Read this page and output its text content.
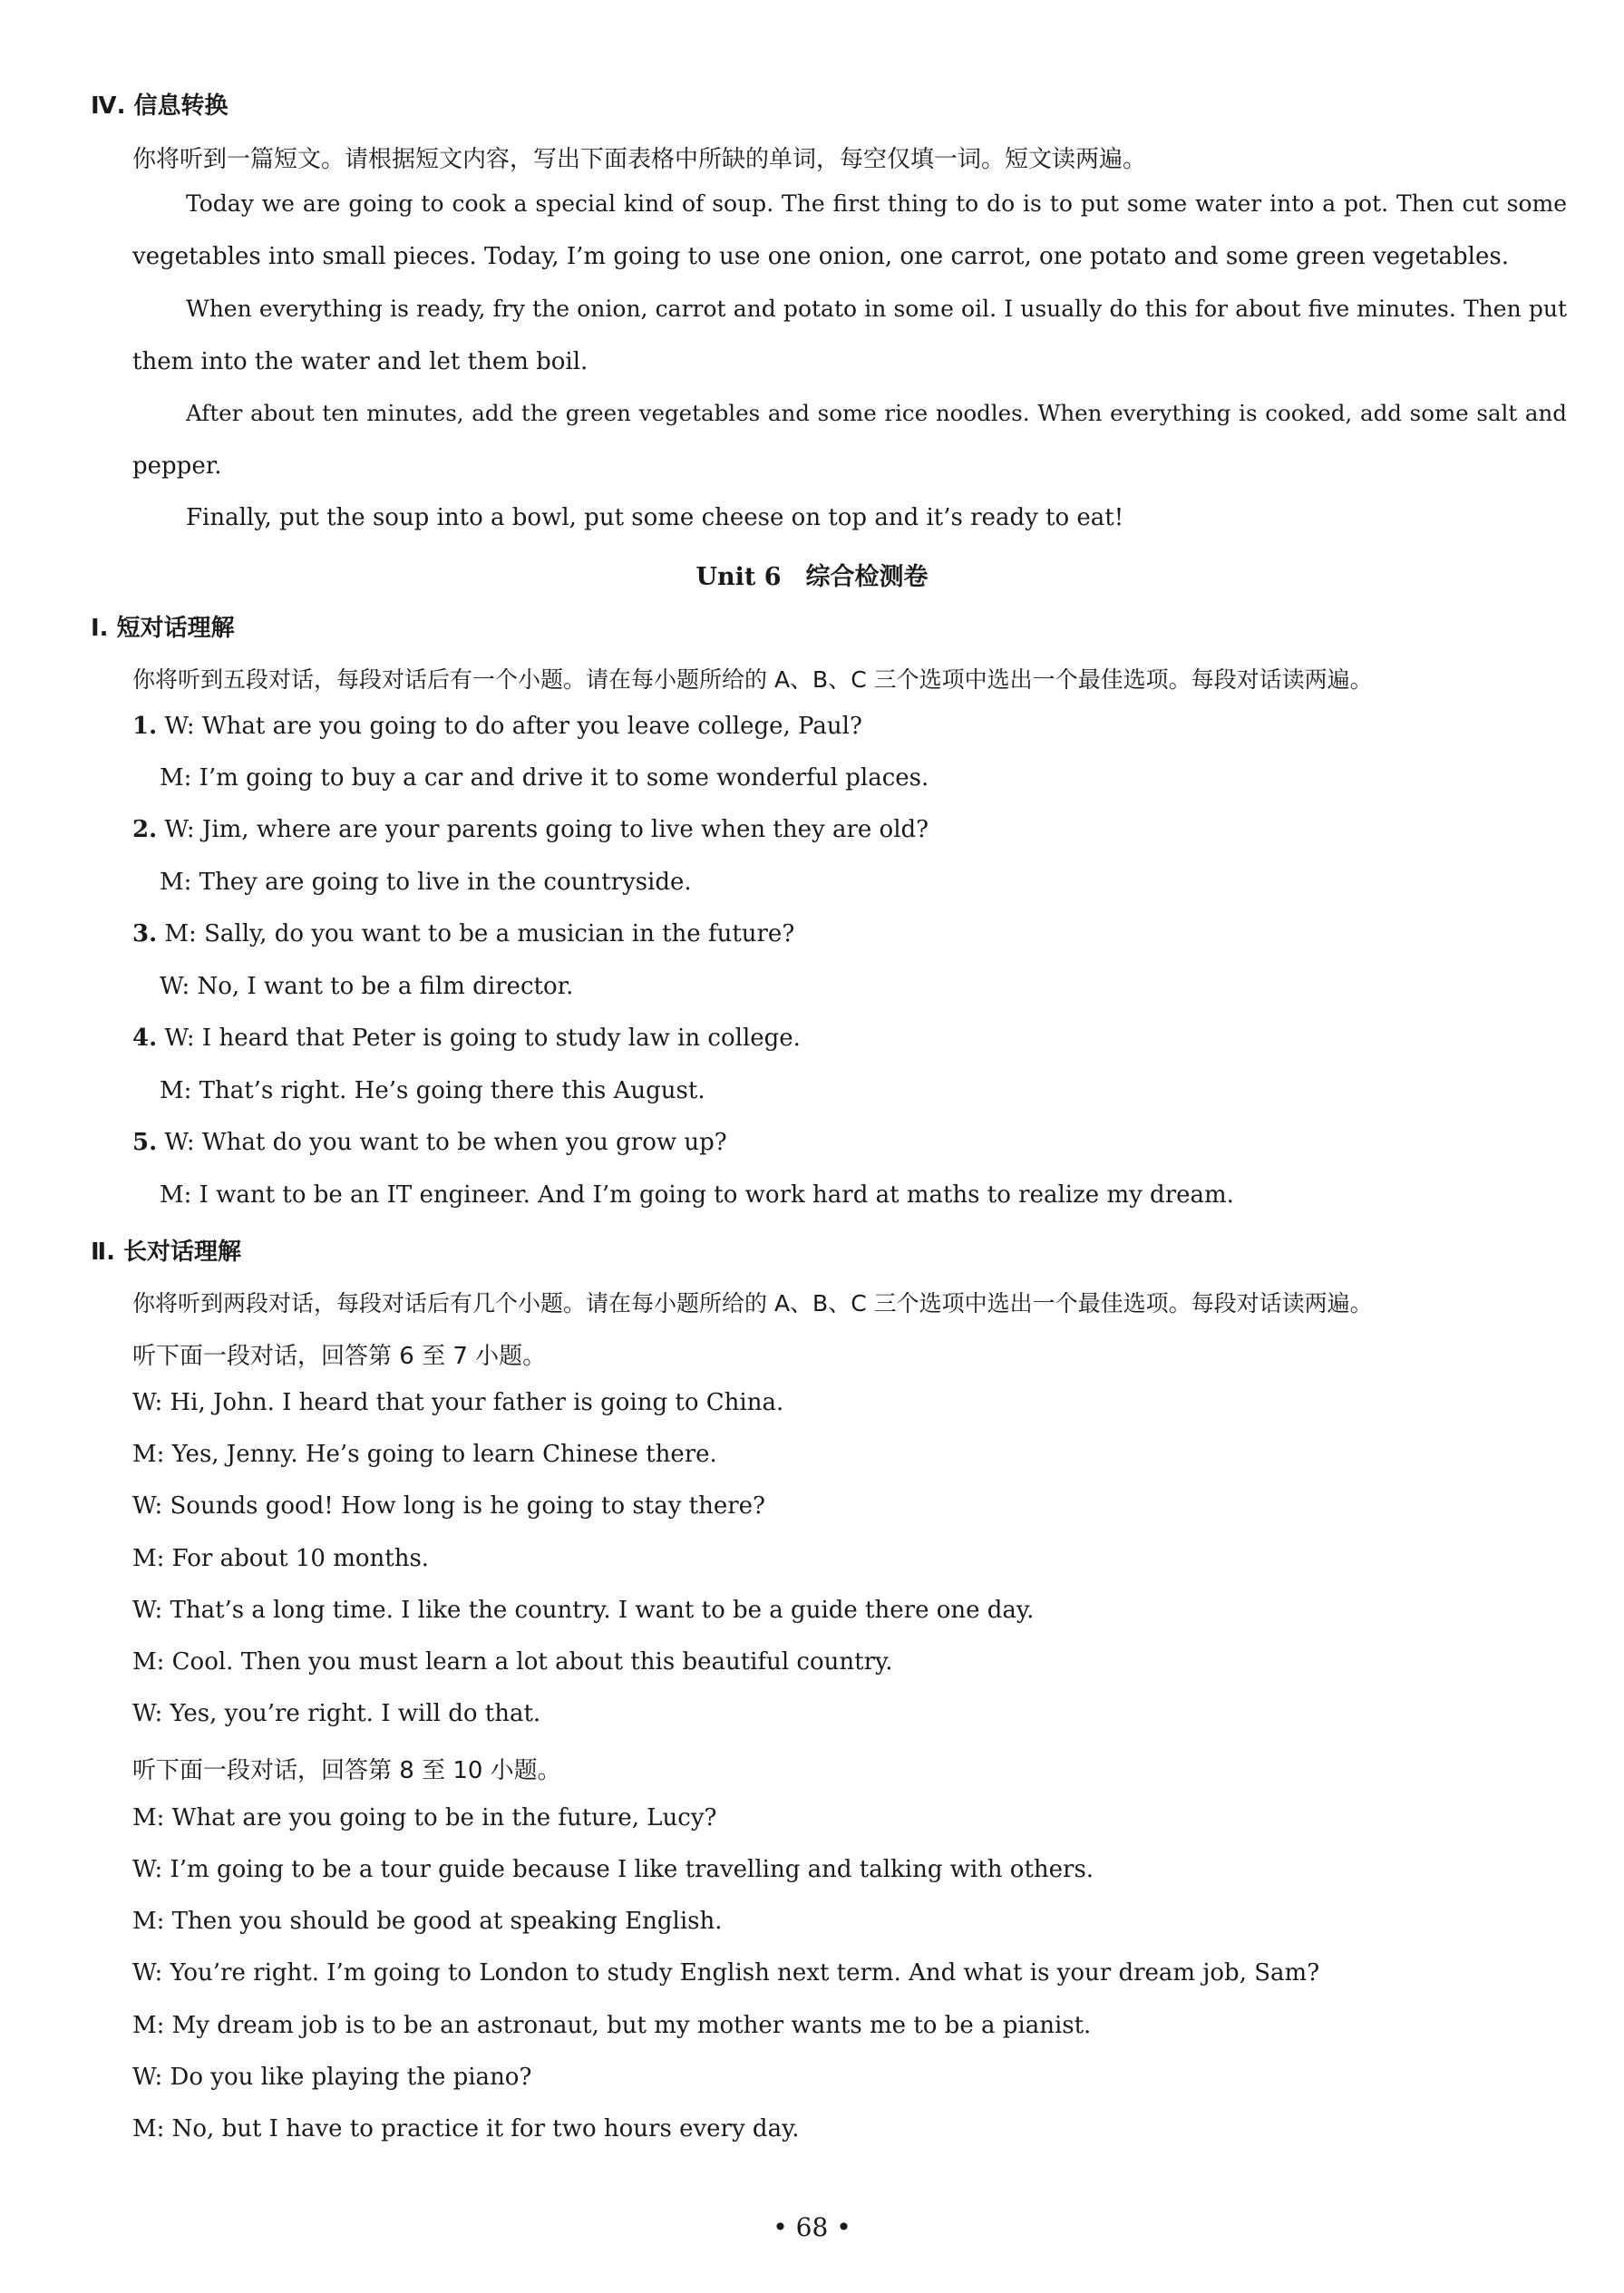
Ⅳ. 信息转换
你将听到一篇短文。请根据短文内容，写出下面表格中所缺的单词，每空仅填一词。短文读两遍。
Today we are going to cook a special kind of soup. The first thing to do is to put some water into a pot. Then cut some
vegetables into small pieces. Today, I’m going to use one onion, one carrot, one potato and some green vegetables.
When everything is ready, fry the onion, carrot and potato in some oil. I usually do this for about five minutes. Then put
them into the water and let them boil.
After about ten minutes, add the green vegetables and some rice noodles. When everything is cooked, add some salt and
pepper.
Finally, put the soup into a bowl, put some cheese on top and it’s ready to eat!
Unit 6　综合检测卷
Ⅰ. 短对话理解
你将听到五段对话，每段对话后有一个小题。请在每小题所给的 A、B、C 三个选项中选出一个最佳选项。每段对话读两遍。
1. W: What are you going to do after you leave college, Paul?
M: I’m going to buy a car and drive it to some wonderful places.
2. W: Jim, where are your parents going to live when they are old?
M: They are going to live in the countryside.
3. M: Sally, do you want to be a musician in the future?
W: No, I want to be a film director.
4. W: I heard that Peter is going to study law in college.
M: That’s right. He’s going there this August.
5. W: What do you want to be when you grow up?
M: I want to be an IT engineer. And I’m going to work hard at maths to realize my dream.
Ⅱ. 长对话理解
你将听到两段对话，每段对话后有几个小题。请在每小题所给的 A、B、C 三个选项中选出一个最佳选项。每段对话读两遍。
听下面一段对话，回答第 6 至 7 小题。
W: Hi, John. I heard that your father is going to China.
M: Yes, Jenny. He’s going to learn Chinese there.
W: Sounds good! How long is he going to stay there?
M: For about 10 months.
W: That’s a long time. I like the country. I want to be a guide there one day.
M: Cool. Then you must learn a lot about this beautiful country.
W: Yes, you’re right. I will do that.
听下面一段对话，回答第 8 至 10 小题。
M: What are you going to be in the future, Lucy?
W: I’m going to be a tour guide because I like travelling and talking with others.
M: Then you should be good at speaking English.
W: You’re right. I’m going to London to study English next term. And what is your dream job, Sam?
M: My dream job is to be an astronaut, but my mother wants me to be a pianist.
W: Do you like playing the piano?
M: No, but I have to practice it for two hours every day.
• 68 •
